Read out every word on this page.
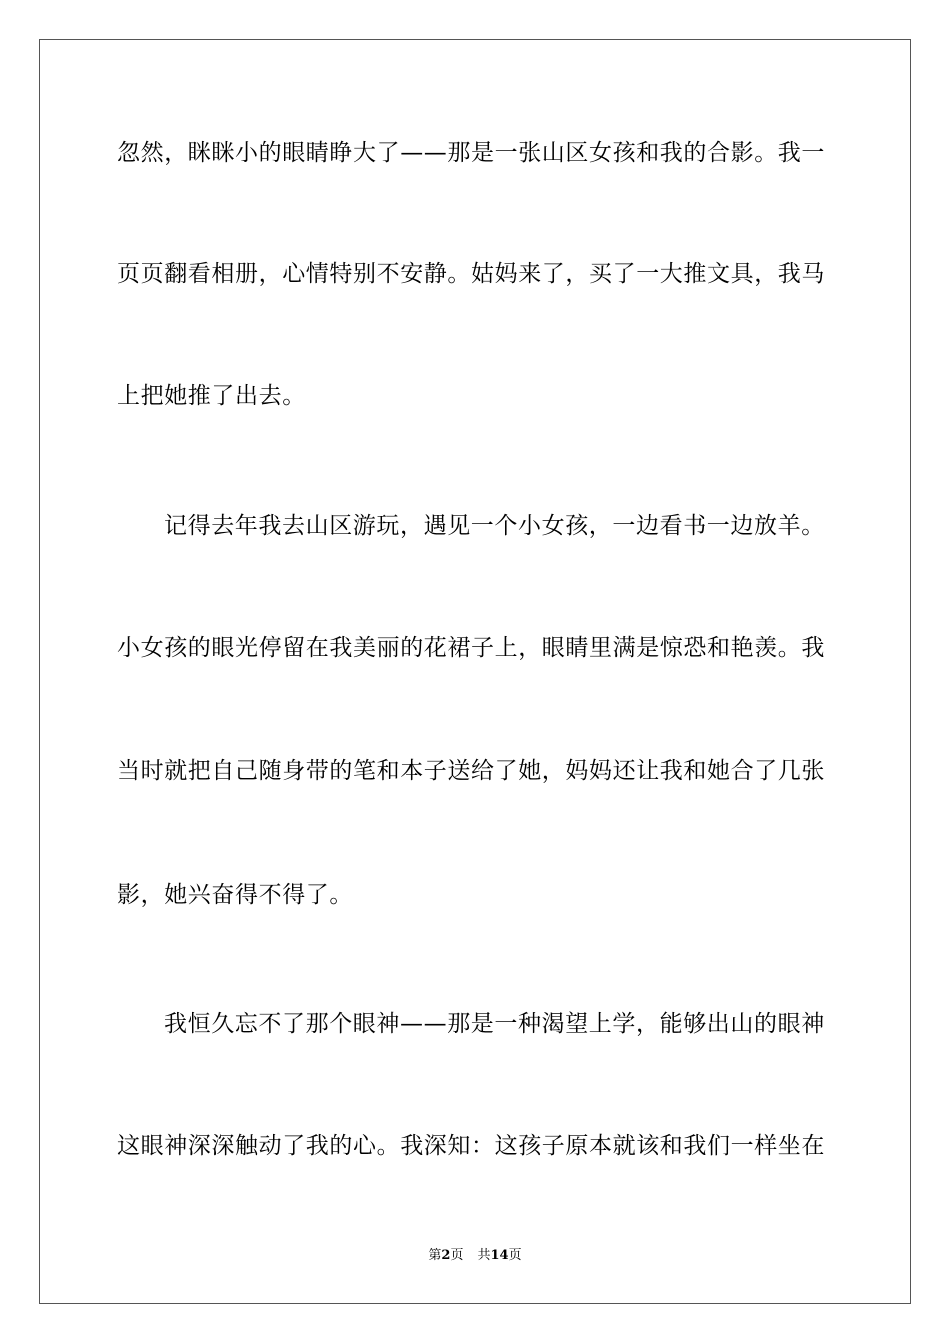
忽然，眯眯小的眼睛睁大了——那是一张山区女孩和我的合影。我一
页页翻看相册，心情特别不安静。姑妈来了，买了一大推文具，我马
上把她推了出去。
记得去年我去山区游玩，遇见一个小女孩，一边看书一边放羊。
小女孩的眼光停留在我美丽的花裙子上，眼睛里满是惊恐和艳羡。我
当时就把自己随身带的笔和本子送给了她，妈妈还让我和她合了几张
影，她兴奋得不得了。
我恒久忘不了那个眼神——那是一种渴望上学，能够出山的眼神
这眼神深深触动了我的心。我深知：这孩子原本就该和我们一样坐在
第2页 共14页
